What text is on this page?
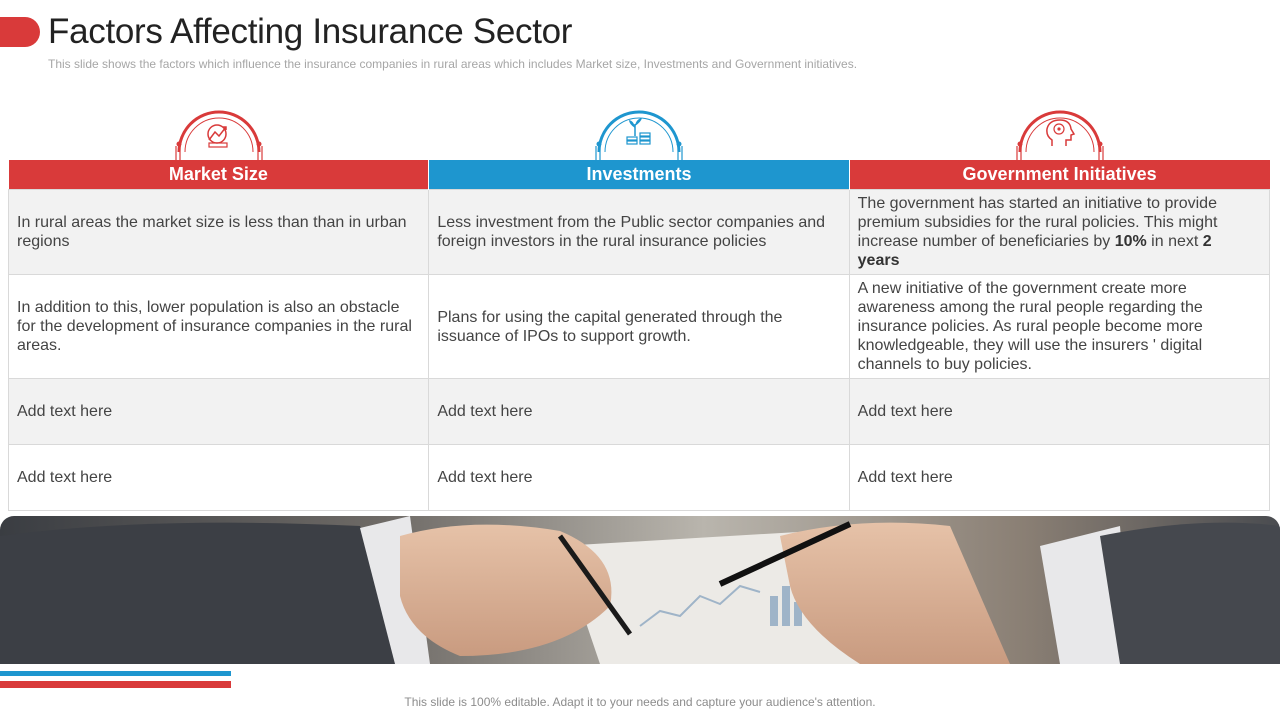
Factors Affecting Insurance Sector

This slide shows the factors which influence the insurance companies in rural areas which includes Market size, Investments and Government initiatives.

Market Size	Investments	Government Initiatives
In rural areas the market size is less than than in urban regions	Less investment from the Public sector companies and foreign investors in the rural insurance policies	The government has started an initiative to provide premium subsidies for the rural policies. This might increase number of beneficiaries by 10% in next 2 years
In addition to this, lower population is also an obstacle for the development of insurance companies in the rural areas.	Plans for using the capital generated through the issuance of IPOs to support growth.	A new initiative of the government create more awareness among the rural people regarding the insurance policies. As rural people become more knowledgeable, they will use the insurers ' digital channels to buy policies.
Add text here	Add text here	Add text here
Add text here	Add text here	Add text here

This slide is 100% editable. Adapt it to your needs and capture your audience's attention.
